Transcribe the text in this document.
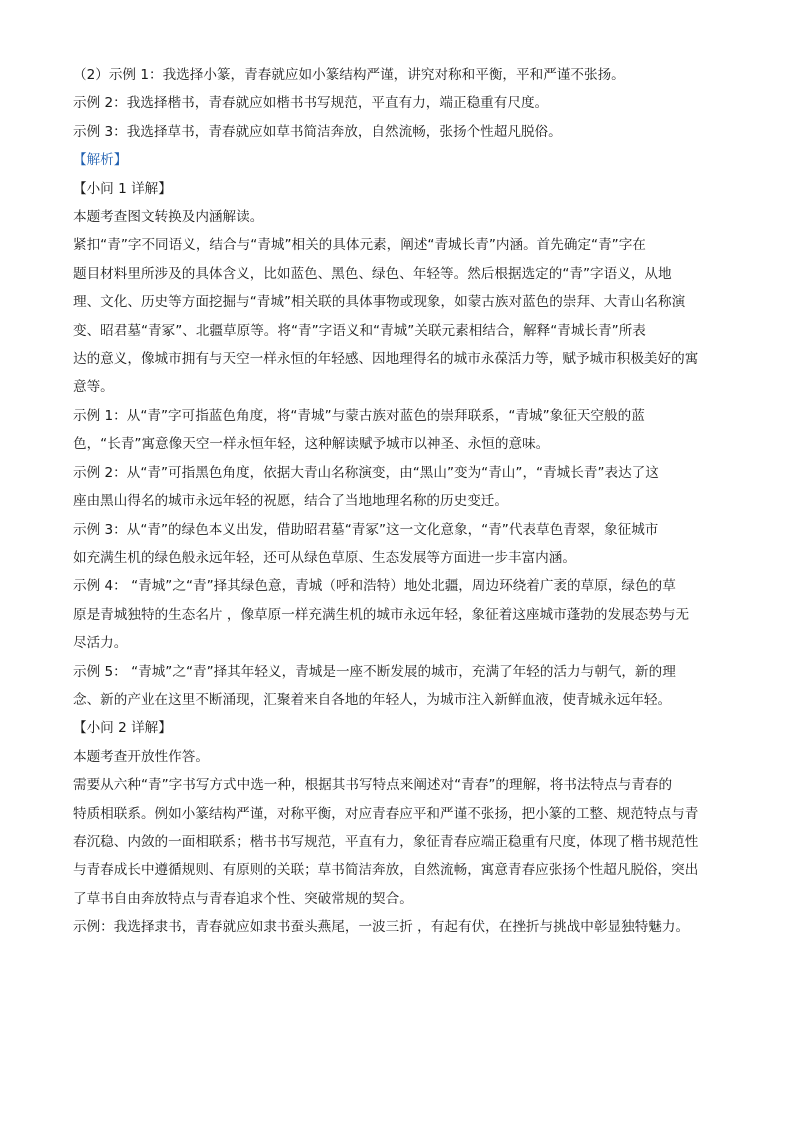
（2）示例 1：我选择小篆，青春就应如小篆结构严谨，讲究对称和平衡，平和严谨不张扬。

示例 2：我选择楷书，青春就应如楷书书写规范，平直有力，端正稳重有尺度。

示例 3：我选择草书，青春就应如草书简洁奔放，自然流畅，张扬个性超凡脱俗。

【解析】

【小问 1 详解】

本题考查图文转换及内涵解读。

紧扣“青”字不同语义，结合与“青城”相关的具体元素，阐述“青城长青”内涵。首先确定“青”字在

题目材料里所涉及的具体含义，比如蓝色、黑色、绿色、年轻等。然后根据选定的“青”字语义，从地

理、文化、历史等方面挖掘与“青城”相关联的具体事物或现象，如蒙古族对蓝色的崇拜、大青山名称演

变、昭君墓“青冢”、北疆草原等。将“青”字语义和“青城”关联元素相结合，解释“青城长青”所表

达的意义，像城市拥有与天空一样永恒的年轻感、因地理得名的城市永葆活力等，赋予城市积极美好的寓

意等。

示例 1：从“青”字可指蓝色角度，将“青城”与蒙古族对蓝色的崇拜联系，“青城”象征天空般的蓝

色，“长青”寓意像天空一样永恒年轻，这种解读赋予城市以神圣、永恒的意味。

示例 2：从“青”可指黑色角度，依据大青山名称演变，由“黑山”变为“青山”，“青城长青”表达了这

座由黑山得名的城市永远年轻的祝愿，结合了当地地理名称的历史变迁。

示例 3：从“青”的绿色本义出发，借助昭君墓“青冢”这一文化意象，“青”代表草色青翠，象征城市

如充满生机的绿色般永远年轻，还可从绿色草原、生态发展等方面进一步丰富内涵。

示例 4： “青城”之“青”择其绿色意，青城（呼和浩特）地处北疆，周边环绕着广袤的草原，绿色的草

原是青城独特的生态名片 ，像草原一样充满生机的城市永远年轻，象征着这座城市蓬勃的发展态势与无

尽活力。

示例 5： “青城”之“青”择其年轻义，青城是一座不断发展的城市，充满了年轻的活力与朝气，新的理

念、新的产业在这里不断涌现，汇聚着来自各地的年轻人，为城市注入新鲜血液，使青城永远年轻。

【小问 2 详解】

本题考查开放性作答。

需要从六种“青”字书写方式中选一种，根据其书写特点来阐述对“青春”的理解，将书法特点与青春的

特质相联系。例如小篆结构严谨，对称平衡，对应青春应平和严谨不张扬，把小篆的工整、规范特点与青

春沉稳、内敛的一面相联系；楷书书写规范，平直有力，象征青春应端正稳重有尺度，体现了楷书规范性

与青春成长中遵循规则、有原则的关联；草书简洁奔放，自然流畅，寓意青春应张扬个性超凡脱俗，突出

了草书自由奔放特点与青春追求个性、突破常规的契合。

示例：我选择隶书，青春就应如隶书蚕头燕尾，一波三折 ，有起有伏，在挫折与挑战中彰显独特魅力。
